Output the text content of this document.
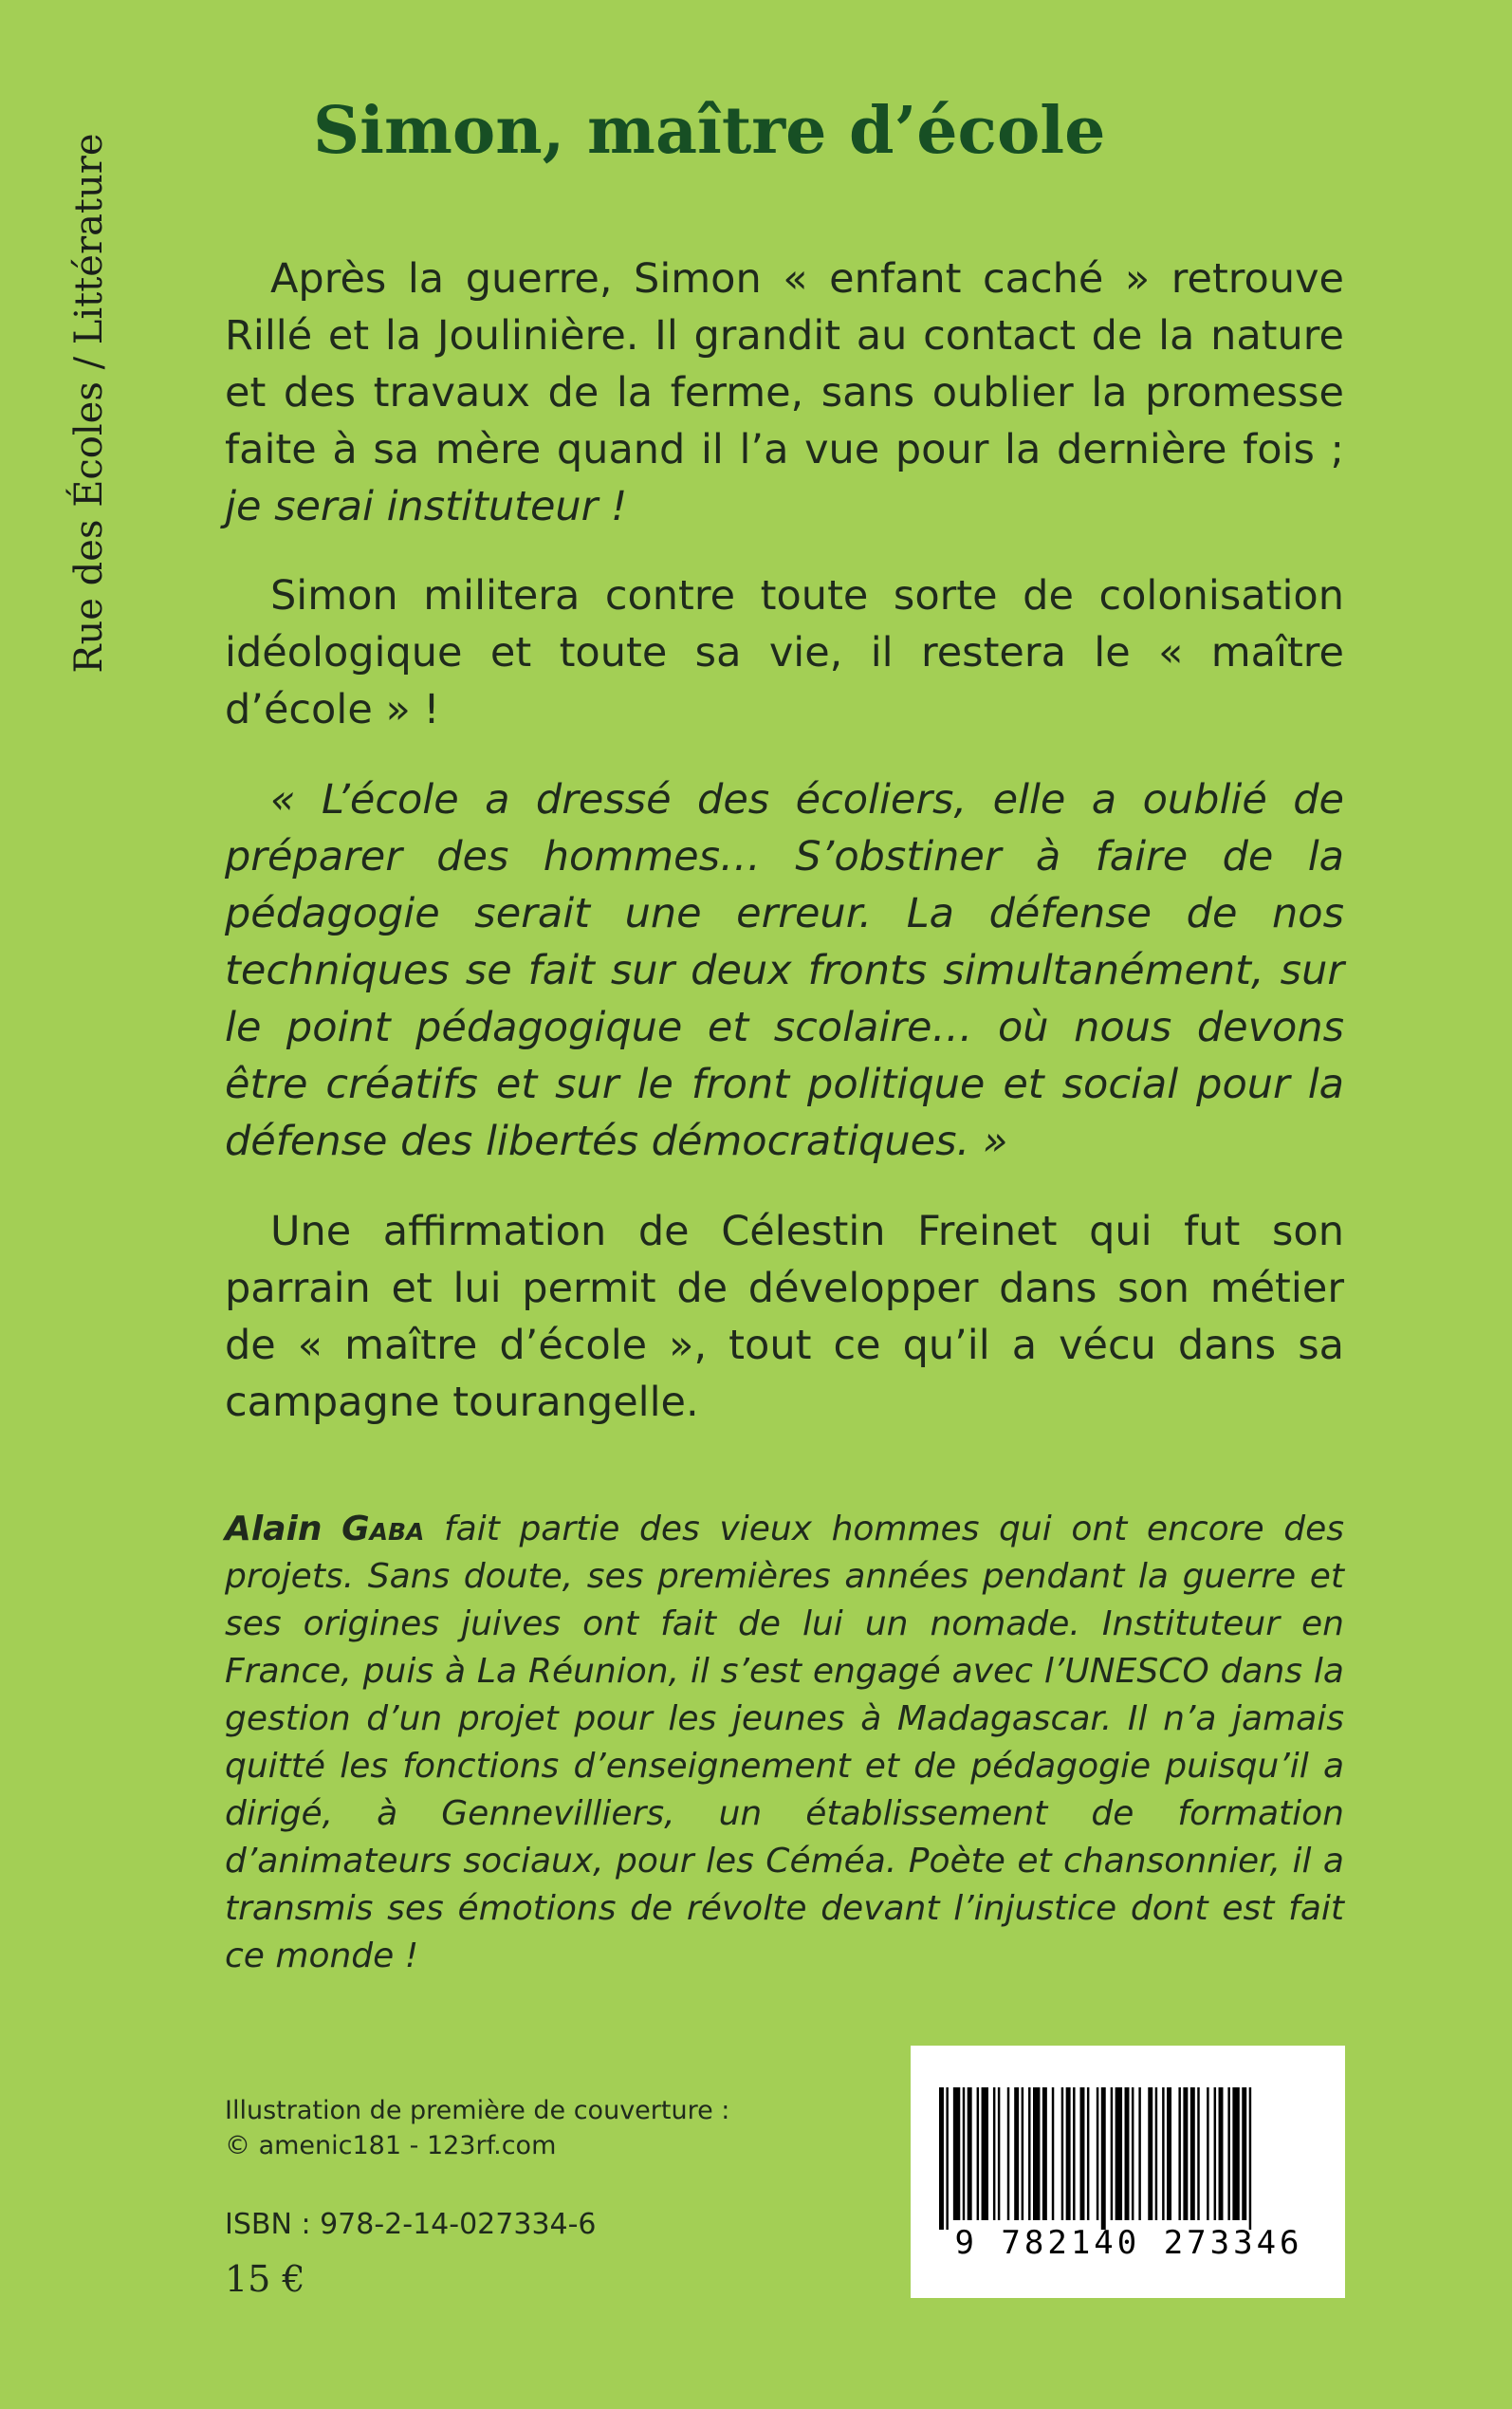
Rue des Écoles / Littérature
Simon, maître d’école

Après la guerre, Simon « enfant caché » retrouve Rillé et la Joulinière. Il grandit au contact de la nature et des travaux de la ferme, sans oublier la promesse faite à sa mère quand il l’a vue pour la dernière fois ; je serai instituteur !

Simon militera contre toute sorte de colonisation idéologique et toute sa vie, il restera le « maître d’école » !

« L’école a dressé des écoliers, elle a oublié de préparer des hommes… S’obstiner à faire de la pédagogie serait une erreur. La défense de nos techniques se fait sur deux fronts simultanément, sur le point pédagogique et scolaire… où nous devons être créatifs et sur le front politique et social pour la défense des libertés démocratiques. »

Une affirmation de Célestin Freinet qui fut son parrain et lui permit de développer dans son métier de « maître d’école », tout ce qu’il a vécu dans sa campagne tourangelle.

Alain Gaba fait partie des vieux hommes qui ont encore des projets. Sans doute, ses premières années pendant la guerre et ses origines juives ont fait de lui un nomade. Instituteur en France, puis à La Réunion, il s’est engagé avec l’UNESCO dans la gestion d’un projet pour les jeunes à Madagascar. Il n’a jamais quitté les fonctions d’enseignement et de pédagogie puisqu’il a dirigé, à Gennevilliers, un établissement de formation d’animateurs sociaux, pour les Céméa. Poète et chansonnier, il a transmis ses émotions de révolte devant l’injustice dont est fait ce monde !

Illustration de première de couverture :
© amenic181 - 123rf.com
ISBN : 978-2-14-027334-6
15 €
9 782140 273346
